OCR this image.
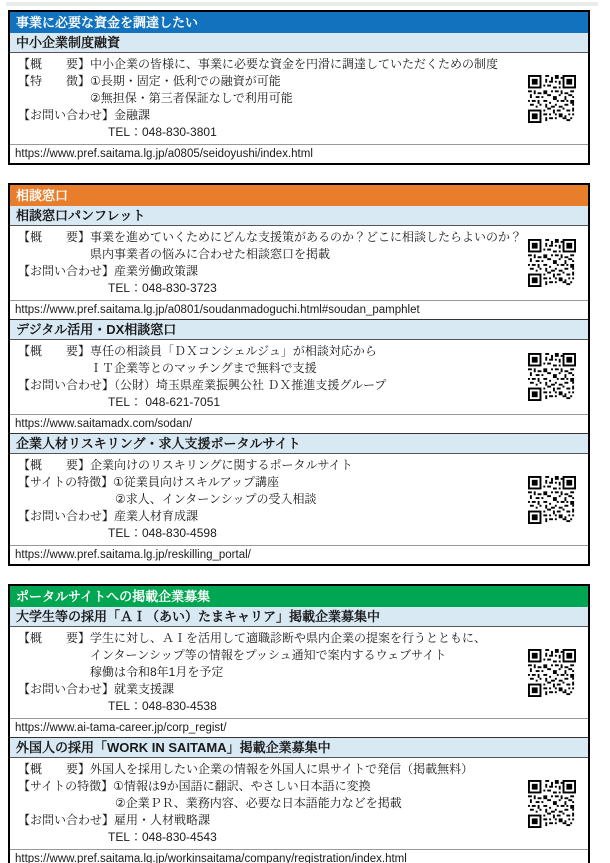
事業に必要な資金を調達したい
中小企業制度融資
【概　　要】中小企業の皆様に、事業に必要な資金を円滑に調達していただくための制度
【特　　徴】①長期・固定・低利での融資が可能
②無担保・第三者保証なしで利用可能
【お問い合わせ】金融課
TEL：048-830-3801
https://www.pref.saitama.lg.jp/a0805/seidoyushi/index.html
相談窓口
相談窓口パンフレット
【概　　要】事業を進めていくためにどんな支援策があるのか？どこに相談したらよいのか？
県内事業者の悩みに合わせた相談窓口を掲載
【お問い合わせ】産業労働政策課
TEL：048-830-3723
https://www.pref.saitama.lg.jp/a0801/soudanmadoguchi.html#soudan_pamphlet
デジタル活用・DX相談窓口
【概　　要】専任の相談員「ＤＸコンシェルジュ」が相談対応から
ＩＴ企業等とのマッチングまで無料で支援
【お問い合わせ】（公財）埼玉県産業振興公社 ＤＸ推進支援グループ
TEL： 048-621-7051
https://www.saitamadx.com/sodan/
企業人材リスキリング・求人支援ポータルサイト
【概　　要】企業向けのリスキリングに関するポータルサイト
【サイトの特徴】①従業員向けスキルアップ講座
②求人、インターンシップの受入相談
【お問い合わせ】産業人材育成課
TEL：048-830-4598
https://www.pref.saitama.lg.jp/reskilling_portal/
ポータルサイトへの掲載企業募集
大学生等の採用「ＡＩ（あい）たまキャリア」掲載企業募集中
【概　　要】学生に対し、ＡＩを活用して適職診断や県内企業の提案を行うとともに、
インターンシップ等の情報をプッシュ通知で案内するウェブサイト
稼働は令和8年1月を予定
【お問い合わせ】就業支援課
TEL：048-830-4538
https://www.ai-tama-career.jp/corp_regist/
外国人の採用「WORK IN SAITAMA」掲載企業募集中
【概　　要】外国人を採用したい企業の情報を外国人に県サイトで発信（掲載無料）
【サイトの特徴】①情報は9か国語に翻訳、やさしい日本語に変換
②企業ＰＲ、業務内容、必要な日本語能力などを掲載
【お問い合わせ】雇用・人材戦略課
TEL：048-830-4543
https://www.pref.saitama.lg.jp/workinsaitama/company/registration/index.html
